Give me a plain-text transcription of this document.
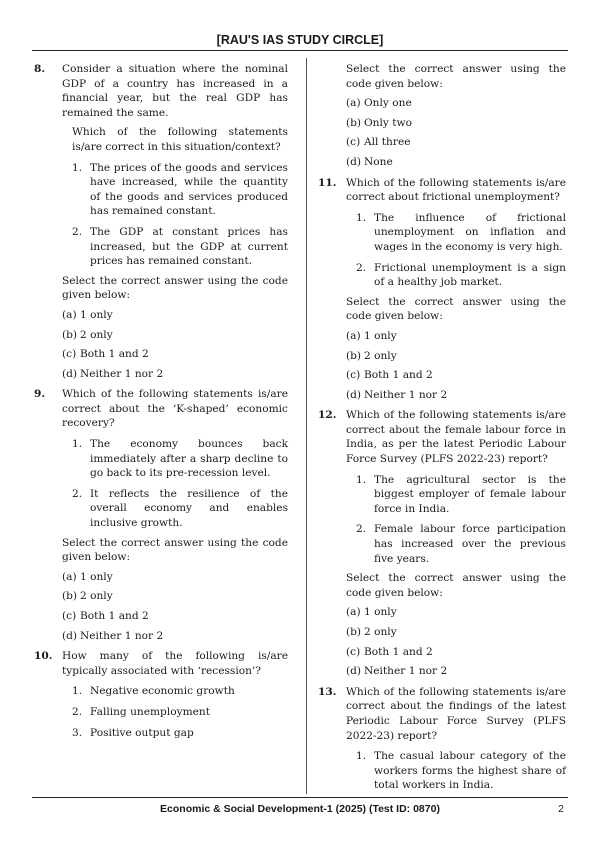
[RAU'S IAS STUDY CIRCLE]
8. Consider a situation where the nominal GDP of a country has increased in a financial year, but the real GDP has remained the same.
Which of the following statements is/are correct in this situation/context?
1. The prices of the goods and services have increased, while the quantity of the goods and services produced has remained constant.
2. The GDP at constant prices has increased, but the GDP at current prices has remained constant.
Select the correct answer using the code given below:
(a) 1 only
(b) 2 only
(c) Both 1 and 2
(d) Neither 1 nor 2
9. Which of the following statements is/are correct about the ‘K-shaped’ economic recovery?
1. The economy bounces back immediately after a sharp decline to go back to its pre-recession level.
2. It reflects the resilience of the overall economy and enables inclusive growth.
Select the correct answer using the code given below:
(a) 1 only
(b) 2 only
(c) Both 1 and 2
(d) Neither 1 nor 2
10. How many of the following is/are typically associated with ‘recession’?
1. Negative economic growth
2. Falling unemployment
3. Positive output gap
Select the correct answer using the code given below:
(a) Only one
(b) Only two
(c) All three
(d) None
11. Which of the following statements is/are correct about frictional unemployment?
1. The influence of frictional unemployment on inflation and wages in the economy is very high.
2. Frictional unemployment is a sign of a healthy job market.
Select the correct answer using the code given below:
(a) 1 only
(b) 2 only
(c) Both 1 and 2
(d) Neither 1 nor 2
12. Which of the following statements is/are correct about the female labour force in India, as per the latest Periodic Labour Force Survey (PLFS 2022-23) report?
1. The agricultural sector is the biggest employer of female labour force in India.
2. Female labour force participation has increased over the previous five years.
Select the correct answer using the code given below:
(a) 1 only
(b) 2 only
(c) Both 1 and 2
(d) Neither 1 nor 2
13. Which of the following statements is/are correct about the findings of the latest Periodic Labour Force Survey (PLFS 2022-23) report?
1. The casual labour category of the workers forms the highest share of total workers in India.
Economic & Social Development-1 (2025) (Test ID: 0870)	2
